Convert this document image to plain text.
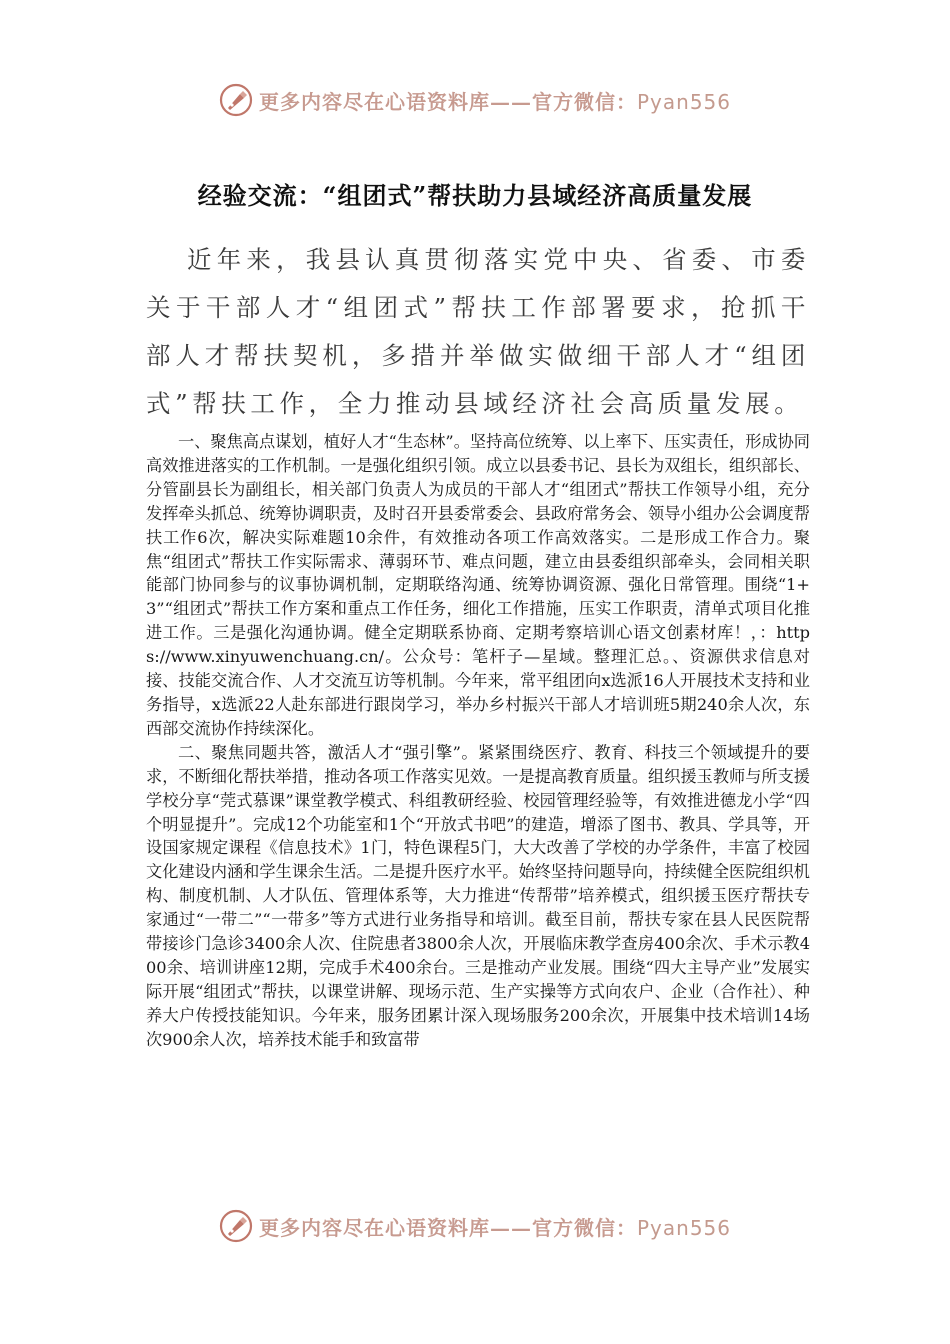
更多内容尽在心语资料库——官方微信：Pyan556
经验交流：“组团式”帮扶助力县域经济高质量发展

近年来，我县认真贯彻落实党中央、省委、市委关于干部人才“组团式”帮扶工作部署要求，抢抓干部人才帮扶契机，多措并举做实做细干部人才“组团式”帮扶工作，全力推动县域经济社会高质量发展。

一、聚焦高点谋划，植好人才“生态林”。坚持高位统筹、以上率下、压实责任，形成协同高效推进落实的工作机制。一是强化组织引领。成立以县委书记、县长为双组长，组织部长、分管副县长为副组长，相关部门负责人为成员的干部人才“组团式”帮扶工作领导小组，充分发挥牵头抓总、统筹协调职责，及时召开县委常委会、县政府常务会、领导小组办公会调度帮扶工作6次，解决实际难题10余件，有效推动各项工作高效落实。二是形成工作合力。聚焦“组团式”帮扶工作实际需求、薄弱环节、难点问题，建立由县委组织部牵头，会同相关职能部门协同参与的议事协调机制，定期联络沟通、统筹协调资源、强化日常管理。围绕“1+3”“组团式”帮扶工作方案和重点工作任务，细化工作措施，压实工作职责，清单式项目化推进工作。三是强化沟通协调。健全定期联系协商、定期考察培训心语文创素材库！，：https://www.xinyuwenchuang.cn/。公众号：笔杆子—星域。整理汇总。、资源供求信息对接、技能交流合作、人才交流互访等机制。今年来，常平组团向x选派16人开展技术支持和业务指导，x选派22人赴东部进行跟岗学习，举办乡村振兴干部人才培训班5期240余人次，东西部交流协作持续深化。

二、聚焦同题共答，激活人才“强引擎”。紧紧围绕医疗、教育、科技三个领域提升的要求，不断细化帮扶举措，推动各项工作落实见效。一是提高教育质量。组织援玉教师与所支援学校分享“莞式慕课”课堂教学模式、科组教研经验、校园管理经验等，有效推进德龙小学“四个明显提升”。完成12个功能室和1个“开放式书吧”的建造，增添了图书、教具、学具等，开设国家规定课程《信息技术》1门，特色课程5门，大大改善了学校的办学条件，丰富了校园文化建设内涵和学生课余生活。二是提升医疗水平。始终坚持问题导向，持续健全医院组织机构、制度机制、人才队伍、管理体系等，大力推进“传帮带”培养模式，组织援玉医疗帮扶专家通过“一带二”“一带多”等方式进行业务指导和培训。截至目前，帮扶专家在县人民医院帮带接诊门急诊3400余人次、住院患者3800余人次，开展临床教学查房400余次、手术示教400余、培训讲座12期，完成手术400余台。三是推动产业发展。围绕“四大主导产业”发展实际开展“组团式”帮扶，以课堂讲解、现场示范、生产实操等方式向农户、企业（合作社）、种养大户传授技能知识。今年来，服务团累计深入现场服务200余次，开展集中技术培训14场次900余人次，培养技术能手和致富带

更多内容尽在心语资料库——官方微信：Pyan556
